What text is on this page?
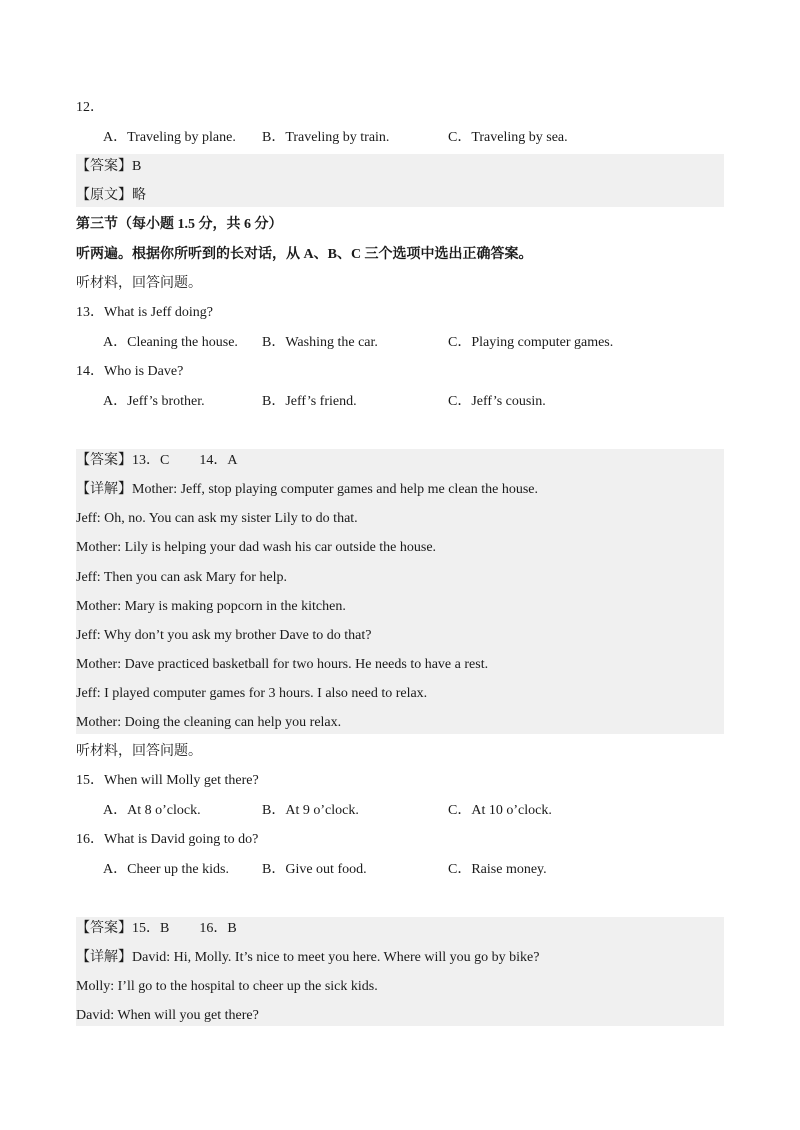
12．
A．Traveling by plane. B．Traveling by train.	C．Traveling by sea.
【答案】B
【原文】略
第三节（每小题 1.5 分，共 6 分）
听两遍。根据你所听到的长对话，从 A、B、C 三个选项中选出正确答案。
听材料，回答问题。
13．What is Jeff doing?
A．Cleaning the house. B．Washing the car.	C．Playing computer games.
14．Who is Dave?
A．Jeff’s brother.	B．Jeff’s friend.	C．Jeff’s cousin.
【答案】13．C 14．A
【详解】Mother: Jeff, stop playing computer games and help me clean the house.
Jeff: Oh, no. You can ask my sister Lily to do that.
Mother: Lily is helping your dad wash his car outside the house.
Jeff: Then you can ask Mary for help.
Mother: Mary is making popcorn in the kitchen.
Jeff: Why don’t you ask my brother Dave to do that?
Mother: Dave practiced basketball for two hours. He needs to have a rest.
Jeff: I played computer games for 3 hours. I also need to relax.
Mother: Doing the cleaning can help you relax.
听材料，回答问题。
15．When will Molly get there?
A．At 8 o’clock.	B．At 9 o’clock.	C．At 10 o’clock.
16．What is David going to do?
A．Cheer up the kids. B．Give out food.	C．Raise money.
【答案】15．B 16．B
【详解】David: Hi, Molly. It’s nice to meet you here. Where will you go by bike?
Molly: I’ll go to the hospital to cheer up the sick kids.
David: When will you get there?
